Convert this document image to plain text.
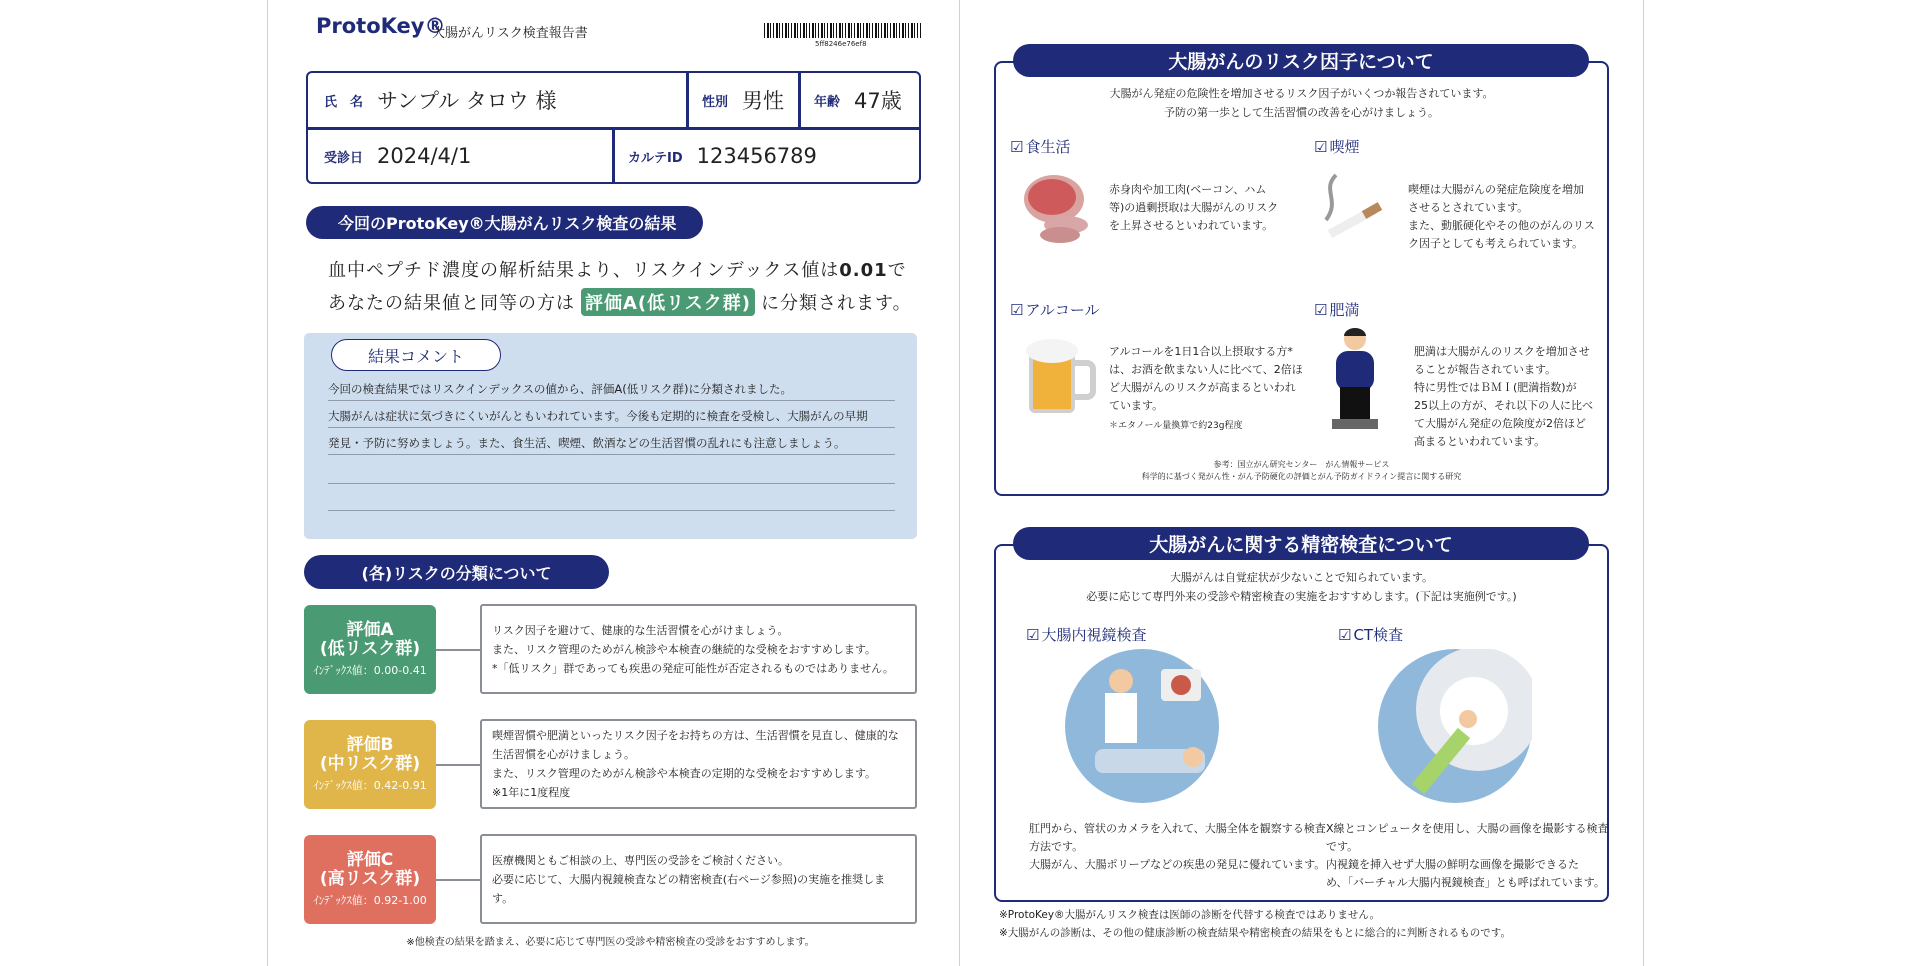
ProtoKey®
大腸がんリスク検査報告書
5ff8246e76ef8
氏　名 サンプル タロウ 様	性別 男性 年齢 47歳
受診日 2024/4/1	カルテID 123456789
今回のProtoKey®大腸がんリスク検査の結果
血中ペプチド濃度の解析結果より、リスクインデックス値は0.01で
あなたの結果値と同等の方は 評価A(低リスク群) に分類されます。
結果コメント
今回の検査結果ではリスクインデックスの値から、評価A(低リスク群)に分類されました。
大腸がんは症状に気づきにくいがんともいわれています。今後も定期的に検査を受検し、大腸がんの早期
発見・予防に努めましょう。また、食生活、喫煙、飲酒などの生活習慣の乱れにも注意しましょう。
(各)リスクの分類について
評価A
(低リスク群)
ｲﾝﾃﾞｯｸｽ値：0.00-0.41
リスク因子を避けて、健康的な生活習慣を心がけましょう。
また、リスク管理のためがん検診や本検査の継続的な受検をおすすめします。
*「低リスク」群であっても疾患の発症可能性が否定されるものではありません。
評価B
(中リスク群)
ｲﾝﾃﾞｯｸｽ値：0.42-0.91
喫煙習慣や肥満といったリスク因子をお持ちの方は、生活習慣を見直し、健康的な生活習慣を心がけましょう。
また、リスク管理のためがん検診や本検査の定期的な受検をおすすめします。
※1年に1度程度
評価C
(高リスク群)
ｲﾝﾃﾞｯｸｽ値：0.92-1.00
医療機関ともご相談の上、専門医の受診をご検討ください。
必要に応じて、大腸内視鏡検査などの精密検査(右ページ参照)の実施を推奨します。
※他検査の結果を踏まえ、必要に応じて専門医の受診や精密検査の受診をおすすめします。
大腸がんのリスク因子について
大腸がん発症の危険性を増加させるリスク因子がいくつか報告されています。
予防の第一歩として生活習慣の改善を心がけましょう。
☑ 食生活
赤身肉や加工肉(ベーコン、ハム
等)の過剰摂取は大腸がんのリスク
を上昇させるといわれています。
☑ 喫煙
喫煙は大腸がんの発症危険度を増加
させるとされています。
また、動脈硬化やその他のがんのリス
ク因子としても考えられています。
☑ アルコール
アルコールを1日1合以上摂取する方*
は、お酒を飲まない人に比べて、2倍ほ
ど大腸がんのリスクが高まるといわれ
ています。
＊エタノール量換算で約23g程度
☑ 肥満
肥満は大腸がんのリスクを増加させ
ることが報告されています。
特に男性ではＢＭＩ(肥満指数)が
25以上の方が、それ以下の人に比べ
て大腸がん発症の危険度が2倍ほど
高まるといわれています。
参考：国立がん研究センター　がん情報サービス
科学的に基づく発がん性・がん予防硬化の評価とがん予防ガイドライン提言に関する研究
大腸がんに関する精密検査について
大腸がんは自覚症状が少ないことで知られています。
必要に応じて専門外来の受診や精密検査の実施をおすすめします。(下記は実施例です。)
☑ 大腸内視鏡検査
肛門から、管状のカメラを入れて、大腸全体を観察する検査
方法です。
大腸がん、大腸ポリープなどの疾患の発見に優れています。
☑ CT検査
X線とコンピュータを使用し、大腸の画像を撮影する検査
です。
内視鏡を挿入せず大腸の鮮明な画像を撮影できるた
め、「バーチャル大腸内視鏡検査」とも呼ばれています。
※ProtoKey®大腸がんリスク検査は医師の診断を代替する検査ではありません。
※大腸がんの診断は、その他の健康診断の検査結果や精密検査の結果をもとに総合的に判断されるものです。
